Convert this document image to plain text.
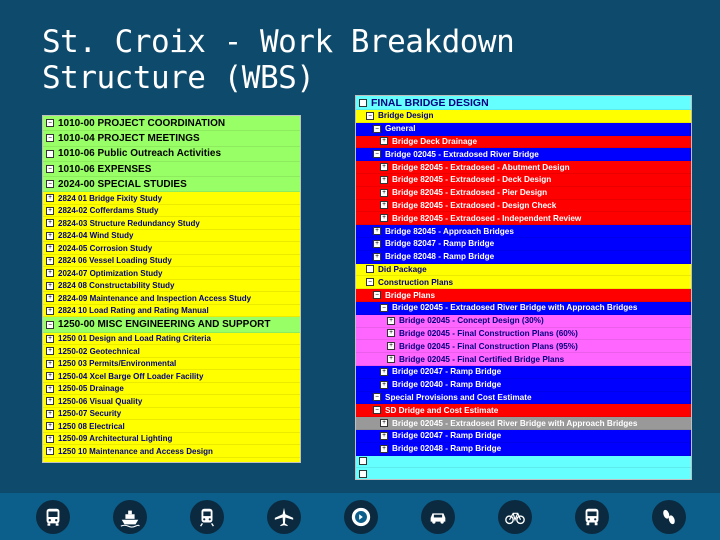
St. Croix - Work Breakdown
Structure (WBS)
− 1010-00 PROJECT COORDINATION
− 1010-04 PROJECT MEETINGS
1010-06 Public Outreach Activities
− 1010-06 EXPENSES
− 2024-00 SPECIAL STUDIES
+ 2824 01 Bridge Fixity Study
+ 2824-02 Cofferdams Study
+ 2824-03 Structure Redundancy Study
+ 2824-04 Wind Study
+ 2024-05 Corrosion Study
+ 2824 06 Vessel Loading Study
+ 2024-07 Optimization Study
+ 2824 08 Constructability Study
+ 2824-09 Maintenance and Inspection Access Study
+ 2824 10 Load Rating and Rating Manual
− 1250-00 MISC ENGINEERING AND SUPPORT
+ 1250 01 Design and Load Rating Criteria
+ 1250-02 Geotechnical
+ 1250 03 Permits/Environmental
+ 1250-04 Xcel Barge Off Loader Facility
+ 1250-05 Drainage
+ 1250-06 Visual Quality
+ 1250-07 Security
+ 1250 08 Electrical
+ 1250-09 Architectural Lighting
+ 1250 10 Maintenance and Access Design
FINAL BRIDGE DESIGN
− Bridge Design
− General
+ Bridge Deck Drainage
− Bridge 02045 - Extradosed River Bridge
+ Bridge 82045 - Extradosed - Abutment Design
+ Bridge 82045 - Extradosed - Deck Design
+ Bridge 82045 - Extradosed - Pier Design
+ Bridge 82045 - Extradosed - Design Check
+ Bridge 82045 - Extradosed - Independent Review
+ Bridge 82045 - Approach Bridges
+ Bridge 82047 - Ramp Bridge
+ Bridge 82048 - Ramp Bridge
Did Package
− Construction Plans
− Bridge Plans
− Bridge 02045 - Extradosed River Bridge with Approach Bridges
+ Bridge 02045 - Concept Design (30%)
+ Bridge 02045 - Final Construction Plans (60%)
+ Bridge 02045 - Final Construction Plans (95%)
+ Bridge 02045 - Final Certified Bridge Plans
+ Bridge 02047 - Ramp Bridge
+ Bridge 02040 - Ramp Bridge
− Special Provisions and Cost Estimate
− SD Dridge and Cost Estimate
+ Bridge 02045 - Extradosed River Bridge with Approach Bridges
+ Bridge 02047 - Ramp Bridge
+ Bridge 02048 - Ramp Bridge
